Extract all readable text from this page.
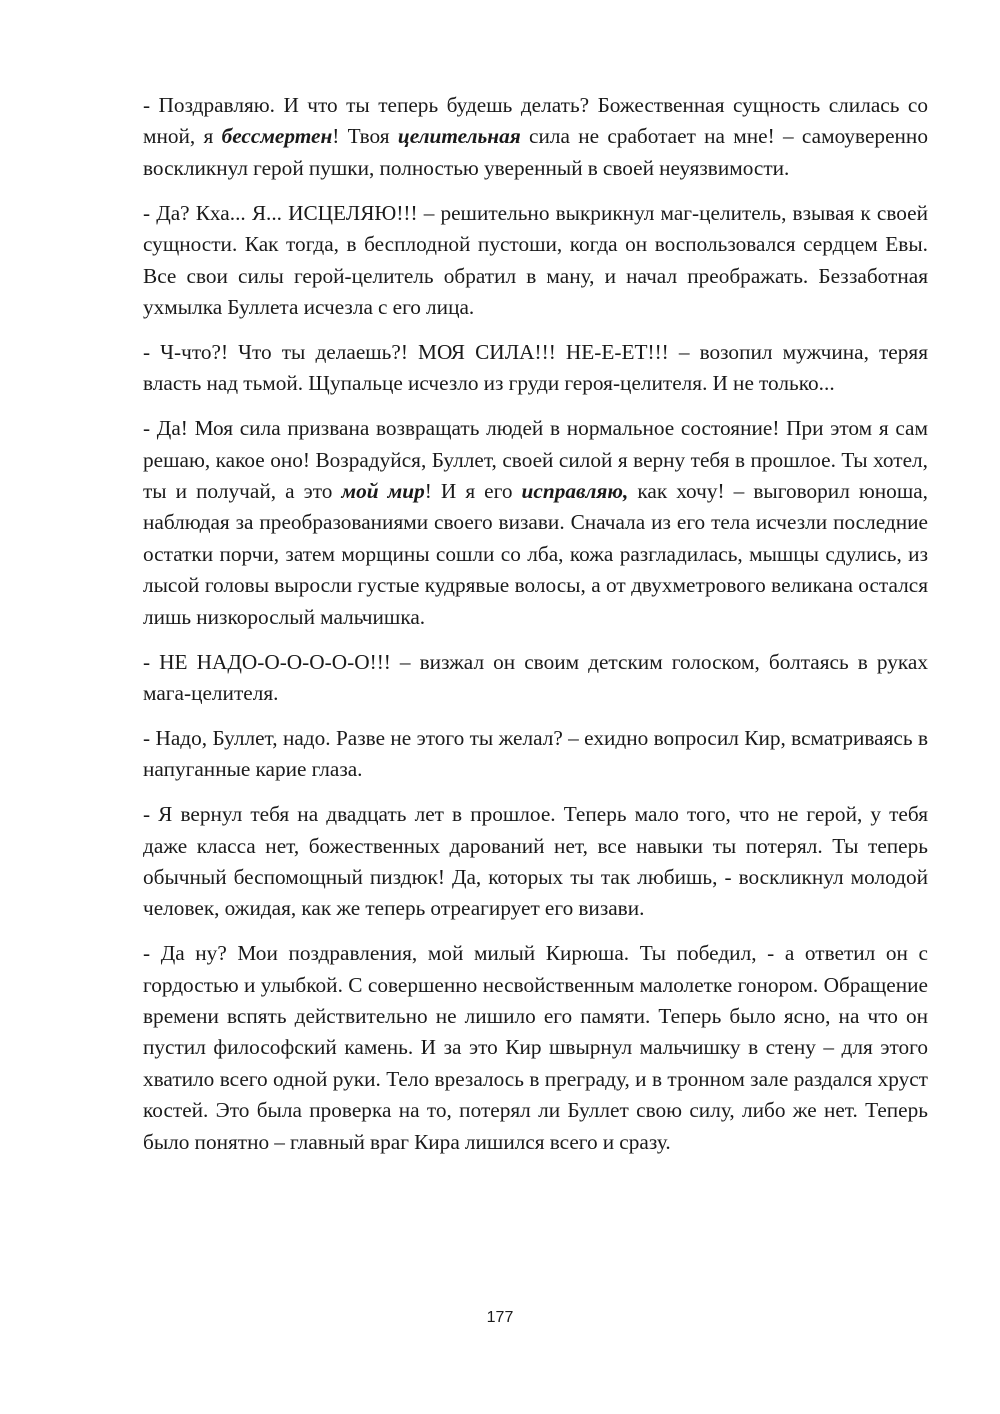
- Поздравляю. И что ты теперь будешь делать? Божественная сущность слилась со мной, я бессмертен! Твоя целительная сила не сработает на мне! – самоуверенно воскликнул герой пушки, полностью уверенный в своей неуязвимости.

- Да? Кха... Я... ИСЦЕЛЯЮ!!! – решительно выкрикнул маг-целитель, взывая к своей сущности. Как тогда, в бесплодной пустоши, когда он воспользовался сердцем Евы. Все свои силы герой-целитель обратил в ману, и начал преображать. Беззаботная ухмылка Буллета исчезла с его лица.

- Ч-что?! Что ты делаешь?! МОЯ СИЛА!!! НЕ-Е-ЕТ!!! – возопил мужчина, теряя власть над тьмой. Щупальце исчезло из груди героя-целителя. И не только...

- Да! Моя сила призвана возвращать людей в нормальное состояние! При этом я сам решаю, какое оно! Возрадуйся, Буллет, своей силой я верну тебя в прошлое. Ты хотел, ты и получай, а это мой мир! И я его исправляю, как хочу! – выговорил юноша, наблюдая за преобразованиями своего визави. Сначала из его тела исчезли последние остатки порчи, затем морщины сошли со лба, кожа разгладилась, мышцы сдулись, из лысой головы выросли густые кудрявые волосы, а от двухметрового великана остался лишь низкорослый мальчишка.

- НЕ НАДО-О-О-О-О-О!!! – визжал он своим детским голоском, болтаясь в руках мага-целителя.

- Надо, Буллет, надо. Разве не этого ты желал? – ехидно вопросил Кир, всматриваясь в напуганные карие глаза.

- Я вернул тебя на двадцать лет в прошлое. Теперь мало того, что не герой, у тебя даже класса нет, божественных дарований нет, все навыки ты потерял. Ты теперь обычный беспомощный пиздюк! Да, которых ты так любишь, - воскликнул молодой человек, ожидая, как же теперь отреагирует его визави.

- Да ну? Мои поздравления, мой милый Кирюша. Ты победил, - а ответил он с гордостью и улыбкой. С совершенно несвойственным малолетке гонором. Обращение времени вспять действительно не лишило его памяти. Теперь было ясно, на что он пустил философский камень. И за это Кир швырнул мальчишку в стену – для этого хватило всего одной руки. Тело врезалось в преграду, и в тронном зале раздался хруст костей. Это была проверка на то, потерял ли Буллет свою силу, либо же нет. Теперь было понятно – главный враг Кира лишился всего и сразу.

177
